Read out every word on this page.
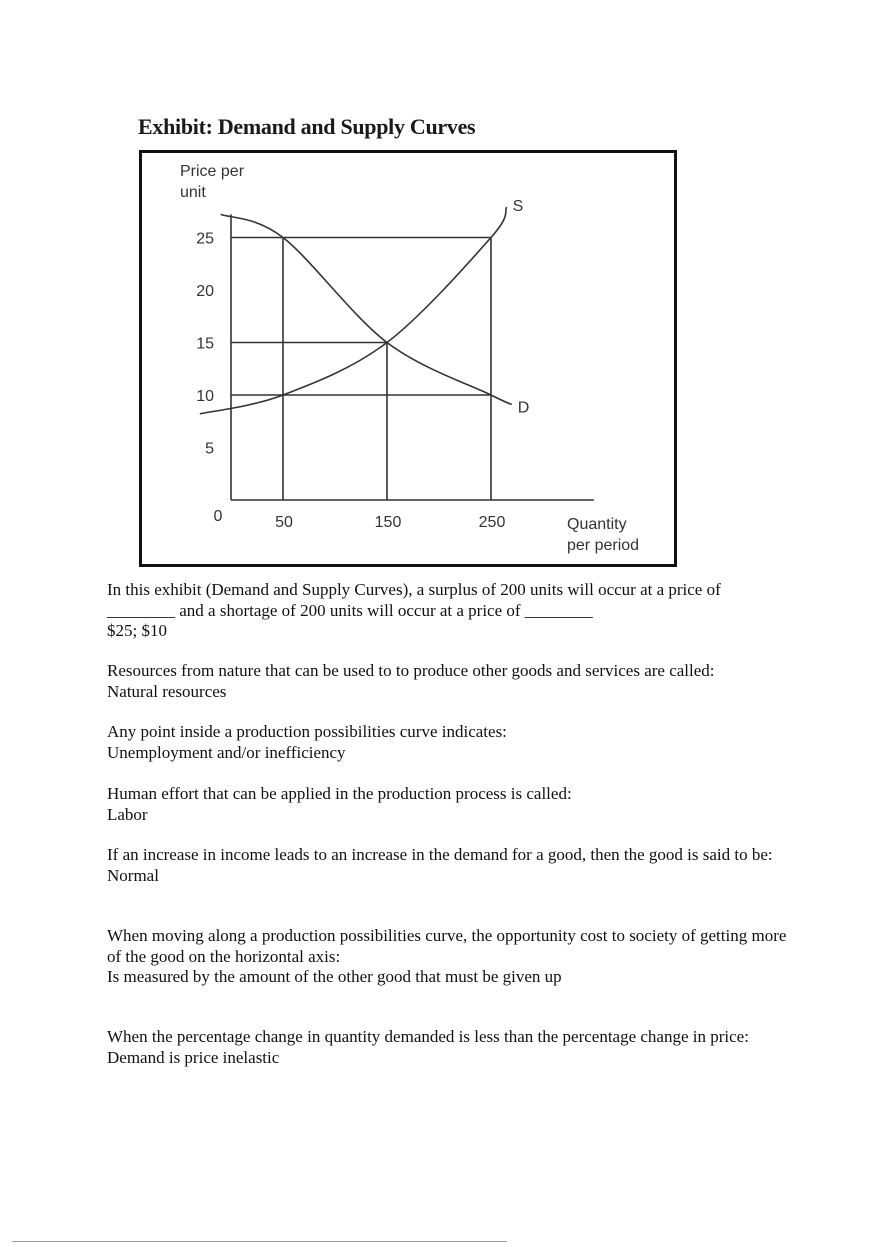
Exhibit: Demand and Supply Curves
Price per
unit
Quantity
per period
0
S
D
25
20
15
10
5
50	150	250

In this exhibit (Demand and Supply Curves), a surplus of 200 units will occur at a price of ________ and a shortage of 200 units will occur at a price of ________

$25; $10

Resources from nature that can be used to to produce other goods and services are called:

Natural resources

Any point inside a production possibilities curve indicates:

Unemployment and/or inefficiency

Human effort that can be applied in the production process is called:

Labor

If an increase in income leads to an increase in the demand for a good, then the good is said to be:

Normal

When moving along a production possibilities curve, the opportunity cost to society of getting more of the good on the horizontal axis:

Is measured by the amount of the other good that must be given up

When the percentage change in quantity demanded is less than the percentage change in price:

Demand is price inelastic
